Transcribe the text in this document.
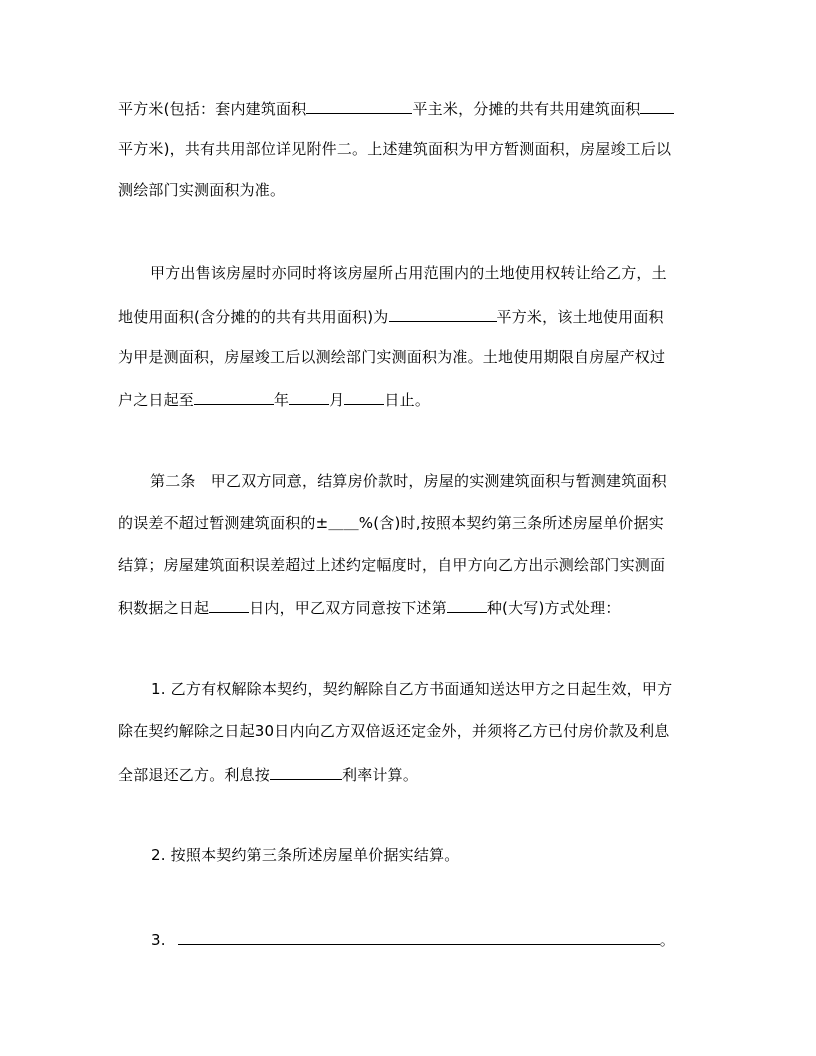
平方米(包括：套内建筑面积	平主米，分摊的共有共用建筑面积
平方米)，共有共用部位详见附件二。上述建筑面积为甲方暂测面积，房屋竣工后以
测绘部门实测面积为准。
甲方出售该房屋时亦同时将该房屋所占用范围内的土地使用权转让给乙方，土
地使用面积(含分摊的的共有共用面积)为	平方米，该土地使用面积
为甲是测面积，房屋竣工后以测绘部门实测面积为准。土地使用期限自房屋产权过
户之日起至	年	月	日止。
第二条　甲乙双方同意，结算房价款时，房屋的实测建筑面积与暂测建筑面积
的误差不超过暂测建筑面积的±＿＿%(含)时,按照本契约第三条所述房屋单价据实
结算；房屋建筑面积误差超过上述约定幅度时，自甲方向乙方出示测绘部门实测面
积数据之日起	日内，甲乙双方同意按下述第	种(大写)方式处理：
1. 乙方有权解除本契约，契约解除自乙方书面通知送达甲方之日起生效，甲方
除在契约解除之日起30日内向乙方双倍返还定金外，并须将乙方已付房价款及利息
全部退还乙方。利息按	利率计算。
2. 按照本契约第三条所述房屋单价据实结算。
3.	。
